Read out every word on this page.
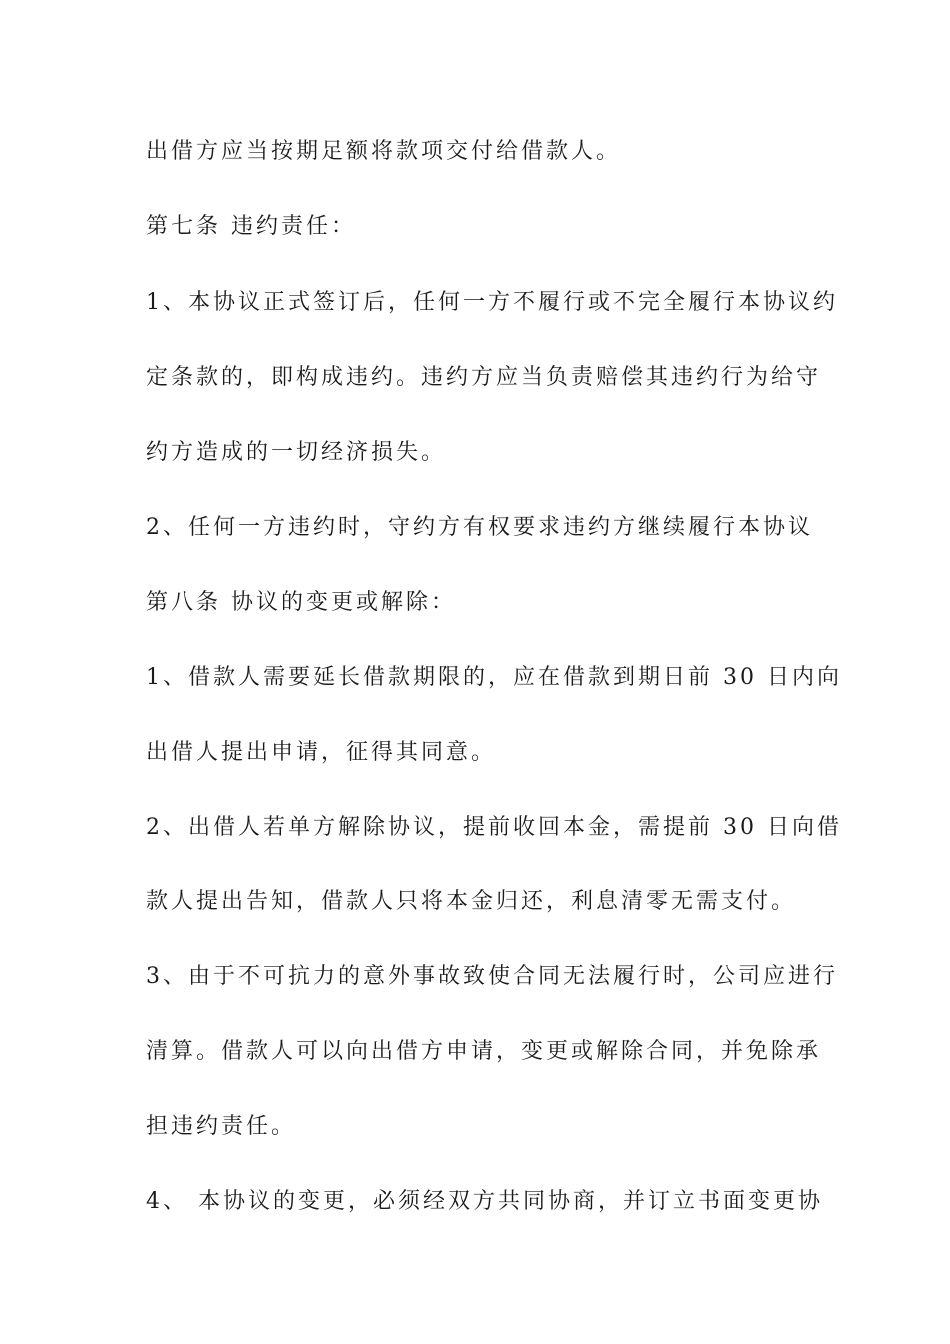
出借方应当按期足额将款项交付给借款人。
第七条 违约责任：
1、本协议正式签订后，任何一方不履行或不完全履行本协议约
定条款的，即构成违约。违约方应当负责赔偿其违约行为给守
约方造成的一切经济损失。
2、任何一方违约时，守约方有权要求违约方继续履行本协议
第八条 协议的变更或解除：
1、借款人需要延长借款期限的，应在借款到期日前 30 日内向
出借人提出申请，征得其同意。
2、出借人若单方解除协议，提前收回本金，需提前 30 日向借
款人提出告知，借款人只将本金归还，利息清零无需支付。
3、由于不可抗力的意外事故致使合同无法履行时，公司应进行
清算。借款人可以向出借方申请，变更或解除合同，并免除承
担违约责任。
4、 本协议的变更，必须经双方共同协商，并订立书面变更协
